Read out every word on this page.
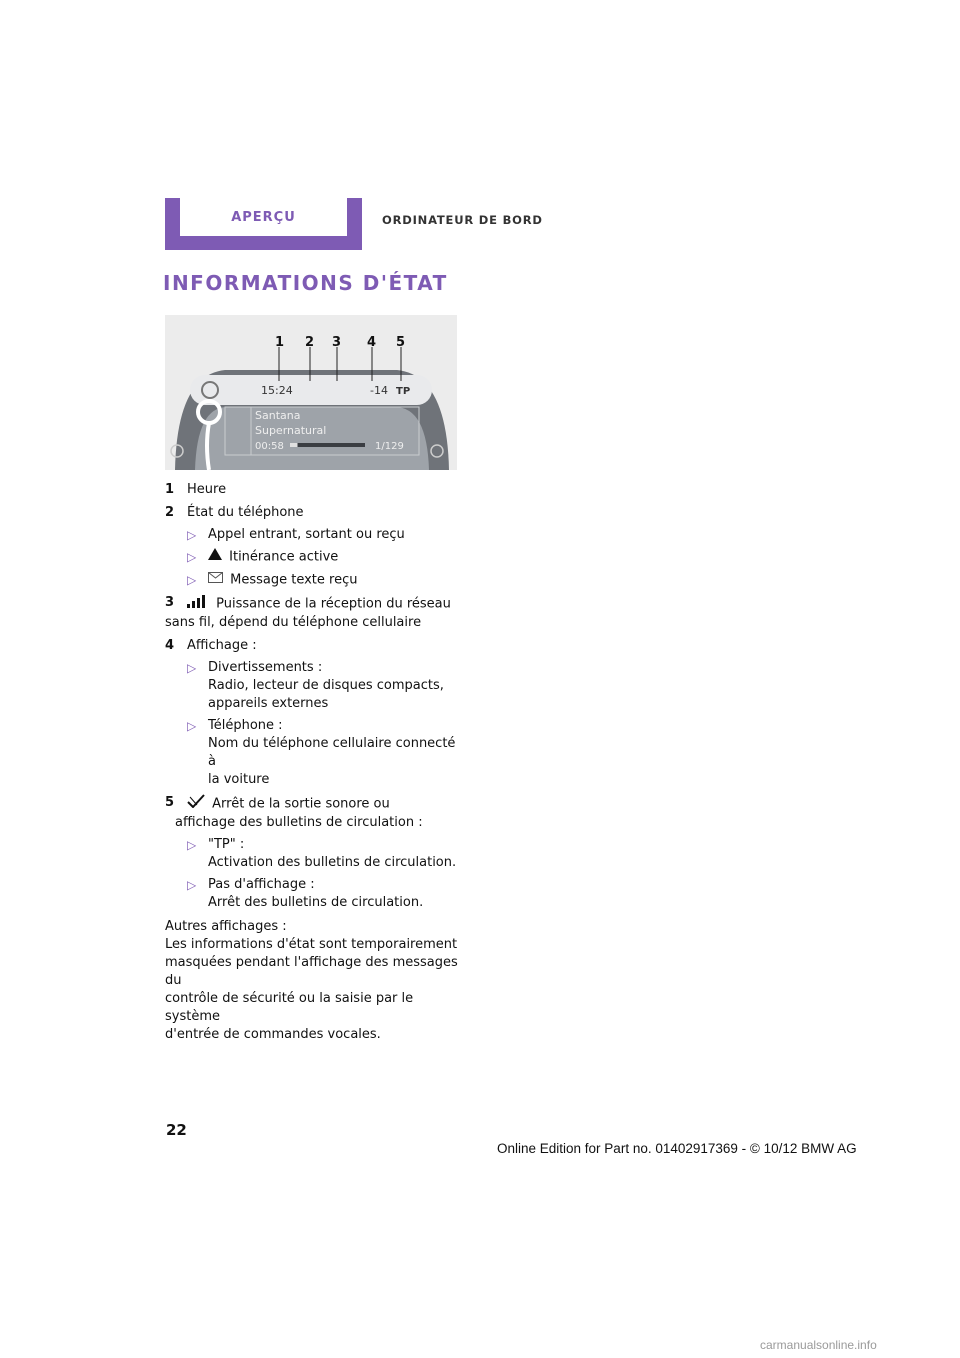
APERÇU	ORDINATEUR DE BORD
INFORMATIONS D'ÉTAT
1 2 3 4 5
15:24	-14 TP
Santana
Supernatural
00:58	1/129
1 Heure
2 État du téléphone
▷ Appel entrant, sortant ou reçu
▷	Itinérance active
▷	Message texte reçu
3	Puissance de la réception du réseau
sans fil, dépend du téléphone cellulaire
4 Affichage :
▷ Divertissements :
Radio, lecteur de disques compacts,
appareils externes
▷ Téléphone :
Nom du téléphone cellulaire connecté à
la voiture
5	Arrêt de la sortie sonore ou
affichage des bulletins de circulation :
▷ "TP" :
Activation des bulletins de circulation.
▷ Pas d'affichage :
Arrêt des bulletins de circulation.
Autres affichages :
Les informations d'état sont temporairement
masquées pendant l'affichage des messages du
contrôle de sécurité ou la saisie par le système
d'entrée de commandes vocales.
22
Online Edition for Part no. 01402917369 - © 10/12 BMW AG
carmanualsonline.info
